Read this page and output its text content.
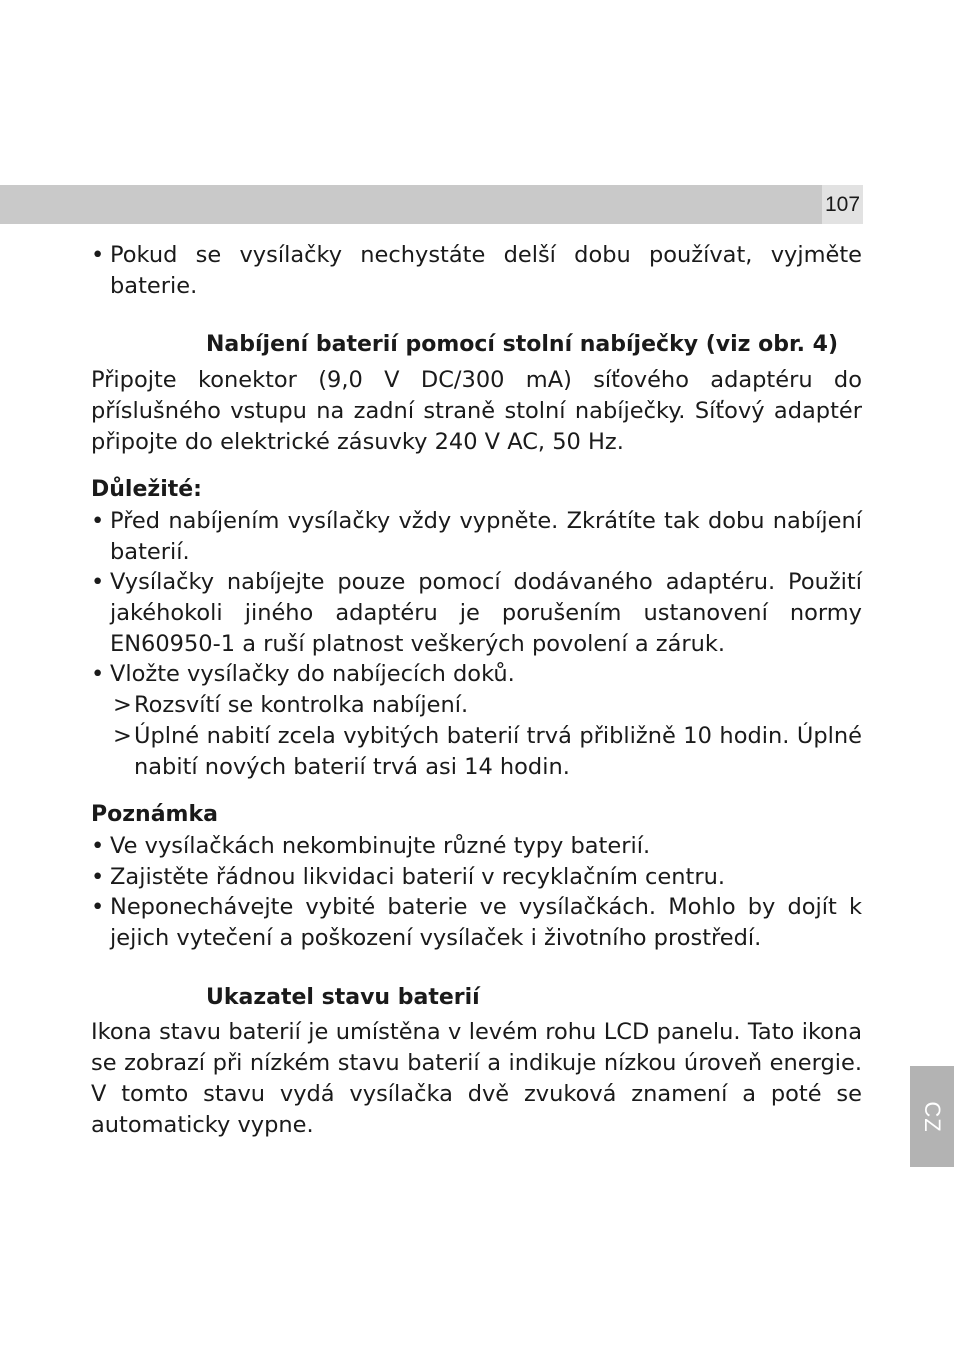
107
CZ
• Pokud se vysílačky nechystáte delší dobu používat, vyjměte baterie.
Nabíjení baterií pomocí stolní nabíječky (viz obr. 4)
Připojte konektor (9,0 V DC/300 mA) síťového adaptéru do příslušného vstupu na zadní straně stolní nabíječky. Síťový adaptér připojte do elektrické zásuvky 240 V AC, 50 Hz.
Důležité:
• Před nabíjením vysílačky vždy vypněte. Zkrátíte tak dobu nabíjení baterií.
• Vysílačky nabíjejte pouze pomocí dodávaného adaptéru. Použití jakéhokoli jiného adaptéru je porušením ustanovení normy EN60950-1 a ruší platnost veškerých povolení a záruk.
• Vložte vysílačky do nabíjecích doků.
> Rozsvítí se kontrolka nabíjení.
> Úplné nabití zcela vybitých baterií trvá přibližně 10 hodin. Úplné nabití nových baterií trvá asi 14 hodin.
Poznámka
• Ve vysílačkách nekombinujte různé typy baterií.
• Zajistěte řádnou likvidaci baterií v recyklačním centru.
• Neponechávejte vybité baterie ve vysílačkách. Mohlo by dojít k jejich vytečení a poškození vysílaček i životního prostředí.
Ukazatel stavu baterií
Ikona stavu baterií je umístěna v levém rohu LCD panelu. Tato ikona se zobrazí při nízkém stavu baterií a indikuje nízkou úroveň energie. V tomto stavu vydá vysílačka dvě zvuková znamení a poté se automaticky vypne.
